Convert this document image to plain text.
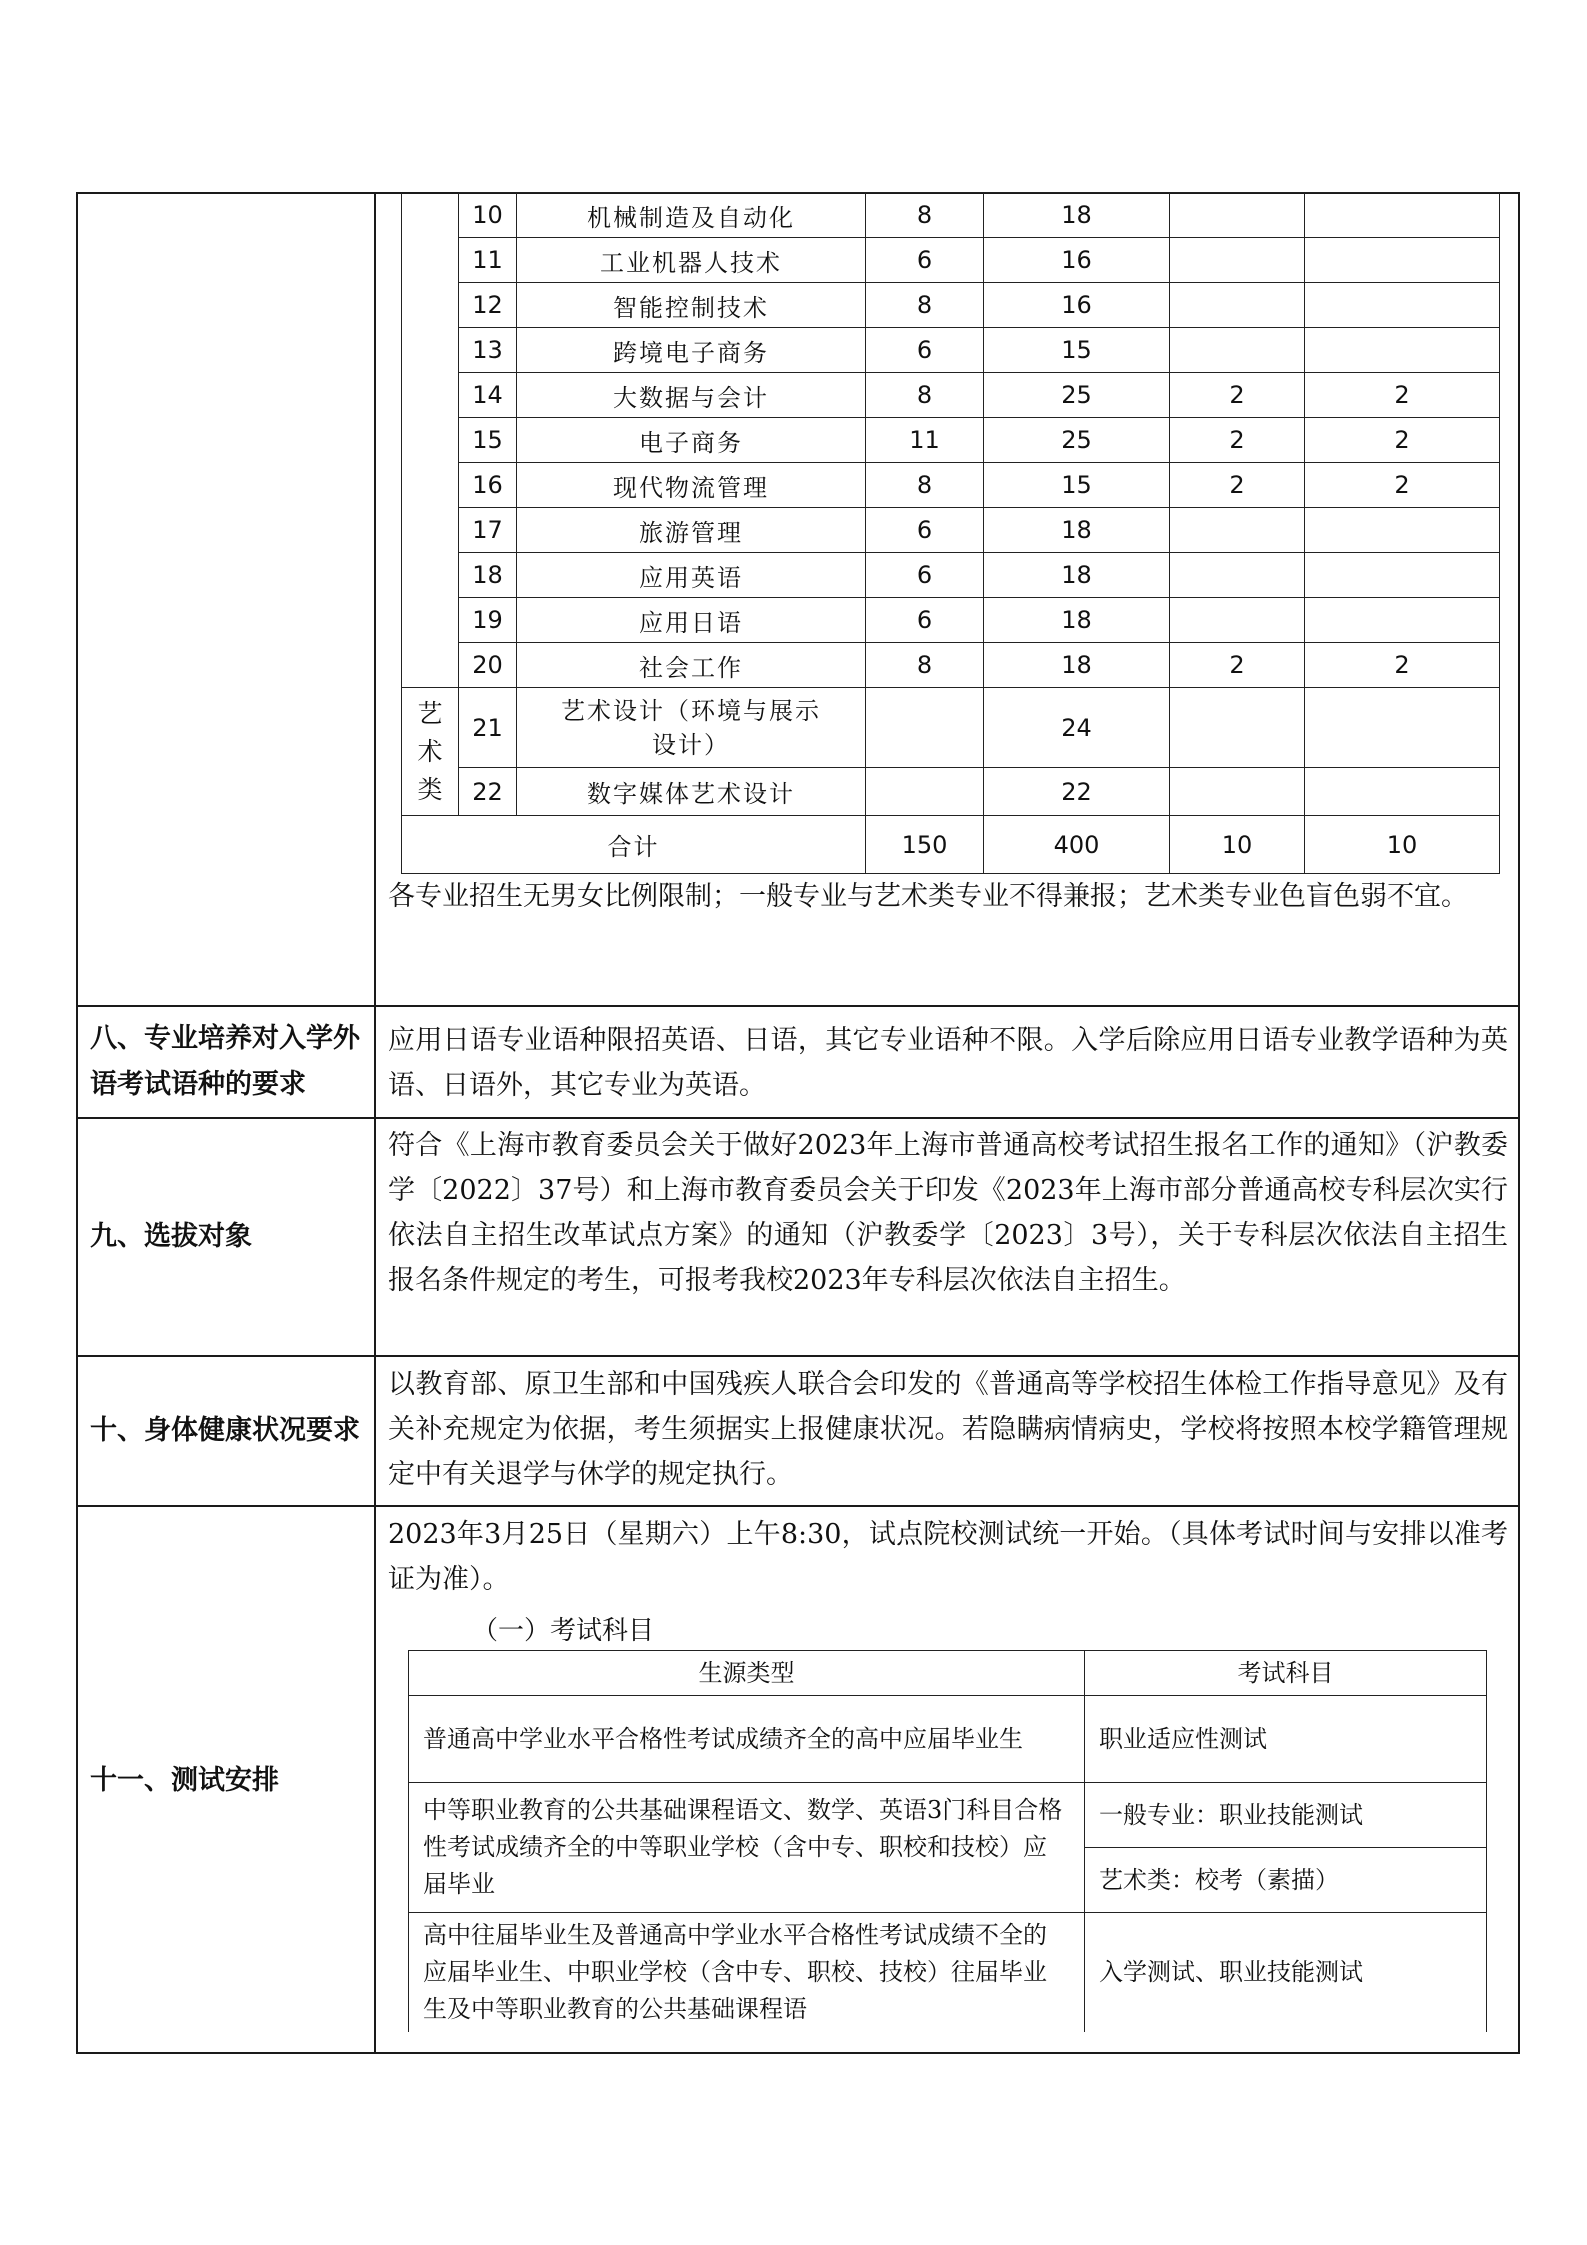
	10	机械制造及自动化	8	18		
	11	工业机器人技术	6	16		
	12	智能控制技术	8	16		
	13	跨境电子商务	6	15		
	14	大数据与会计	8	25	2	2
	15	电子商务	11	25	2	2
	16	现代物流管理	8	15	2	2
	17	旅游管理	6	18		
	18	应用英语	6	18		
	19	应用日语	6	18		
	20	社会工作	8	18	2	2
艺术类	21	艺术设计（环境与展示设计）		24		
	22	数字媒体艺术设计		22		
合计			150	400	10	10
各专业招生无男女比例限制；一般专业与艺术类专业不得兼报；艺术类专业色盲色弱不宜。
八、专业培养对入学外语考试语种的要求
应用日语专业语种限招英语、日语，其它专业语种不限。入学后除应用日语专业教学语种为英语、日语外，其它专业为英语。
九、选拔对象
符合《上海市教育委员会关于做好2023年上海市普通高校考试招生报名工作的通知》（沪教委学〔2022〕37号）和上海市教育委员会关于印发《2023年上海市部分普通高校专科层次实行依法自主招生改革试点方案》的通知（沪教委学〔2023〕3号），关于专科层次依法自主招生报名条件规定的考生，可报考我校2023年专科层次依法自主招生。
十、身体健康状况要求
以教育部、原卫生部和中国残疾人联合会印发的《普通高等学校招生体检工作指导意见》及有关补充规定为依据，考生须据实上报健康状况。若隐瞒病情病史，学校将按照本校学籍管理规定中有关退学与休学的规定执行。
十一、测试安排
2023年3月25日（星期六）上午8:30，试点院校测试统一开始。（具体考试时间与安排以准考证为准）。
（一）考试科目
生源类型	考试科目
普通高中学业水平合格性考试成绩齐全的高中应届毕业生	职业适应性测试
中等职业教育的公共基础课程语文、数学、英语3门科目合格性考试成绩齐全的中等职业学校（含中专、职校和技校）应届毕业	一般专业：职业技能测试
	艺术类：校考（素描）
高中往届毕业生及普通高中学业水平合格性考试成绩不全的应届毕业生、中职业学校（含中专、职校、技校）往届毕业生及中等职业教育的公共基础课程语	入学测试、职业技能测试
